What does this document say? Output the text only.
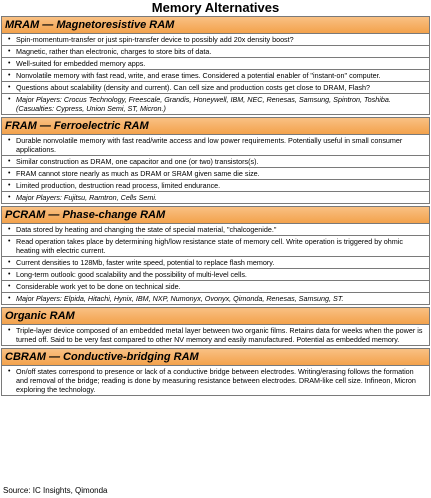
Memory Alternatives
MRAM — Magnetoresistive RAM
• Spin-momentum-transfer or just spin-transfer device to possibly add 20x density boost?
• Magnetic, rather than electronic, charges to store bits of data.
• Well-suited for embedded memory apps.
• Nonvolatile memory with fast read, write, and erase times. Considered a potential enabler of "instant-on" computer.
• Questions about scalability (density and current). Can cell size and production costs get close to DRAM, Flash?
• Major Players: Crocus Technology, Freescale, Grandis, Honeywell, IBM, NEC, Renesas, Samsung, Spintron, Toshiba. (Casualties: Cypress, Union Semi, ST, Micron.)
FRAM — Ferroelectric RAM
• Durable nonvolatile memory with fast read/write access and low power requirements. Potentially useful in small consumer applications.
• Similar construction as DRAM, one capacitor and one (or two) transistors(s).
• FRAM cannot store nearly as much as DRAM or SRAM given same die size.
• Limited production, destruction read process, limited endurance.
• Major Players: Fujitsu, Ramtron, Cells Semi.
PCRAM — Phase-change RAM
• Data stored by heating and changing the state of special material, "chalcogenide."
• Read operation takes place by determining high/low resistance state of memory cell. Write operation is triggered by ohmic heating with electric current.
• Current densities to 128Mb, faster write speed, potential to replace flash memory.
• Long-term outlook: good scalability and the possibility of multi-level cells.
• Considerable work yet to be done on technical side.
• Major Players: Elpida, Hitachi, Hynix, IBM, NXP, Numonyx, Ovonyx, Qimonda, Renesas, Samsung, ST.
Organic RAM
• Triple-layer device composed of an embedded metal layer between two organic films. Retains data for weeks when the power is turned off. Said to be very fast compared to other NV memory and easily manufactured. Potential as embedded memory.
CBRAM — Conductive-bridging RAM
• On/off states correspond to presence or lack of a conductive bridge between electrodes. Writing/erasing follows the formation and removal of the bridge; reading is done by measuring resistance between electrodes. DRAM-like cell size. Infineon, Micron exploring the technology.
Source: IC Insights, Qimonda
